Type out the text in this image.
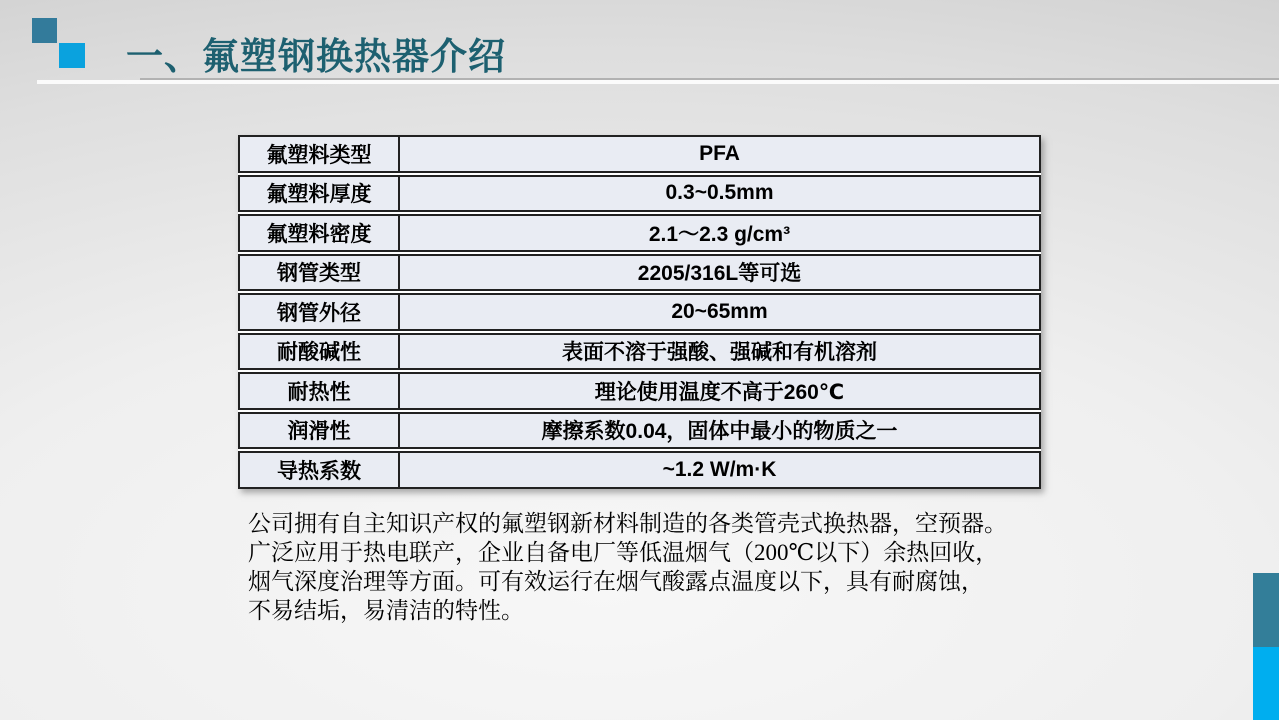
一、氟塑钢换热器介绍
氟塑料类型	PFA
氟塑料厚度	0.3~0.5mm
氟塑料密度	2.1～2.3 g/cm³
钢管类型	2205/316L等可选
钢管外径	20~65mm
耐酸碱性	表面不溶于强酸、强碱和有机溶剂
耐热性	理论使用温度不高于260℃
润滑性	摩擦系数0.04，固体中最小的物质之一
导热系数	~1.2 W/m·K
公司拥有自主知识产权的氟塑钢新材料制造的各类管壳式换热器，空预器。
广泛应用于热电联产，企业自备电厂等低温烟气（200℃以下）余热回收，
烟气深度治理等方面。可有效运行在烟气酸露点温度以下，具有耐腐蚀，
不易结垢，易清洁的特性。
